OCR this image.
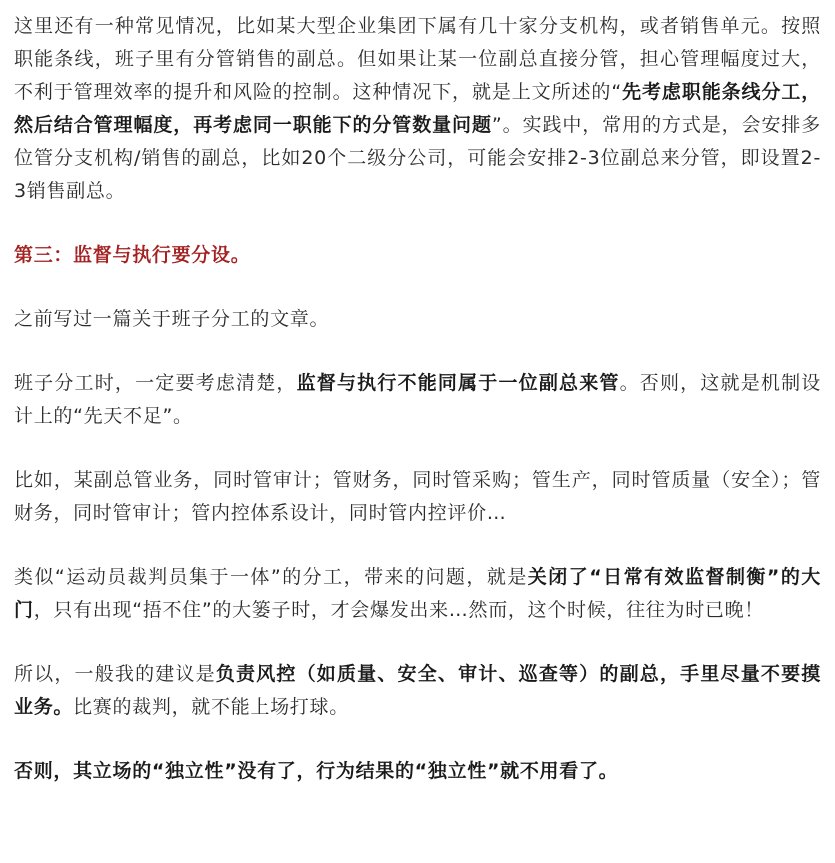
这里还有一种常见情况，比如某大型企业集团下属有几十家分支机构，或者销售单元。按照职能条线，班子里有分管销售的副总。但如果让某一位副总直接分管，担心管理幅度过大，不利于管理效率的提升和风险的控制。这种情况下，就是上文所述的“先考虑职能条线分工，然后结合管理幅度，再考虑同一职能下的分管数量问题”。实践中，常用的方式是，会安排多位管分支机构/销售的副总，比如20个二级分公司，可能会安排2-3位副总来分管，即设置2-3销售副总。

第三：监督与执行要分设。

之前写过一篇关于班子分工的文章。

班子分工时，一定要考虑清楚，监督与执行不能同属于一位副总来管。否则，这就是机制设计上的“先天不足”。

比如，某副总管业务，同时管审计；管财务，同时管采购；管生产，同时管质量（安全）；管财务，同时管审计；管内控体系设计，同时管内控评价…

类似“运动员裁判员集于一体”的分工，带来的问题，就是关闭了“日常有效监督制衡”的大门，只有出现“捂不住”的大篓子时，才会爆发出来…然而，这个时候，往往为时已晚！

所以，一般我的建议是负责风控（如质量、安全、审计、巡查等）的副总，手里尽量不要摸业务。比赛的裁判，就不能上场打球。

否则，其立场的“独立性”没有了，行为结果的“独立性”就不用看了。
